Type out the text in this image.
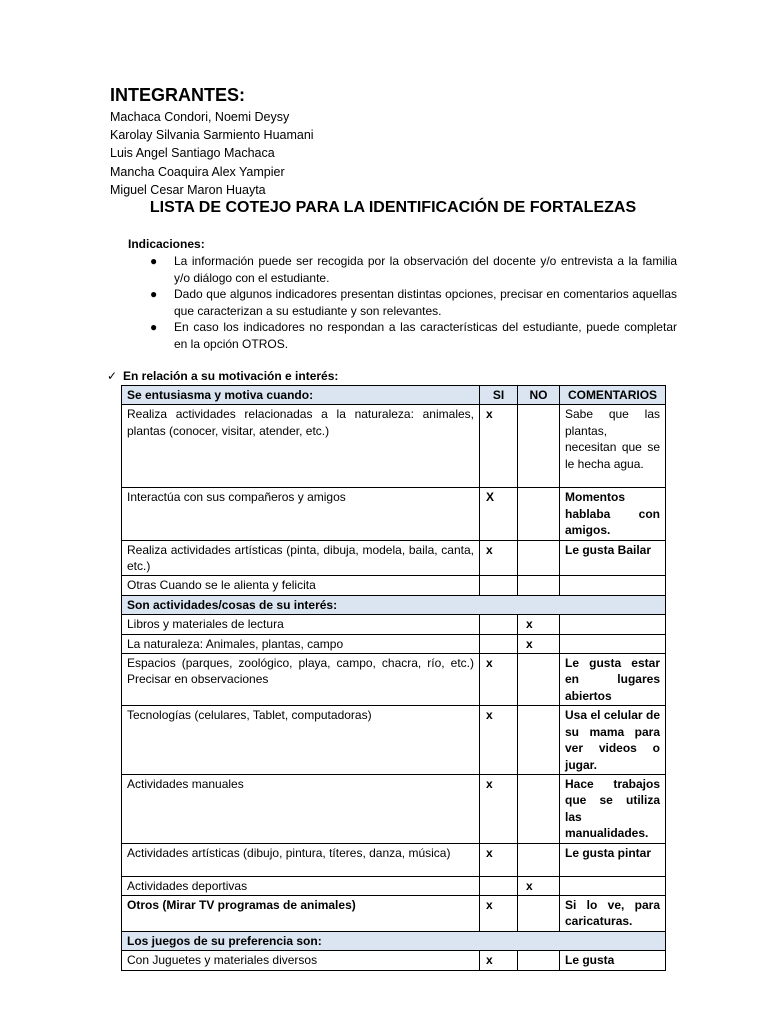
INTEGRANTES:
Machaca Condori, Noemi Deysy
Karolay Silvania Sarmiento Huamani
Luis Angel Santiago Machaca
Mancha Coaquira Alex Yampier
Miguel Cesar Maron Huayta
LISTA DE COTEJO PARA LA IDENTIFICACIÓN DE FORTALEZAS
Indicaciones:
● La información puede ser recogida por la observación del docente y/o entrevista a la familia y/o diálogo con el estudiante.
● Dado que algunos indicadores presentan distintas opciones, precisar en comentarios aquellas que caracterizan a su estudiante y son relevantes.
● En caso los indicadores no respondan a las características del estudiante, puede completar en la opción OTROS.
✓ En relación a su motivación e interés:
Se entusiasma y motiva cuando:	SI	NO	COMENTARIOS
Realiza actividades relacionadas a la naturaleza: animales, plantas (conocer, visitar, atender, etc.)	x		Sabe que las plantas, necesitan que se le hecha agua.
Interactúa con sus compañeros y amigos	X		Momentos hablaba con amigos.
Realiza actividades artísticas (pinta, dibuja, modela, baila, canta, etc.)	x		Le gusta Bailar
Otras Cuando se le alienta y felicita			
Son actividades/cosas de su interés:			
Libros y materiales de lectura		x	
La naturaleza: Animales, plantas, campo		x	
Espacios (parques, zoológico, playa, campo, chacra, río, etc.) Precisar en observaciones	x		Le gusta estar en lugares abiertos
Tecnologías (celulares, Tablet, computadoras)	x		Usa el celular de su mama para ver videos o jugar.
Actividades manuales	x		Hace trabajos que se utiliza las manualidades.
Actividades artísticas (dibujo, pintura, títeres, danza, música)	x		Le gusta pintar
Actividades deportivas		x	
Otros (Mirar TV programas de animales)	x		Si lo ve, para caricaturas.
Los juegos de su preferencia son:			
Con Juguetes y materiales diversos	x		Le gusta
